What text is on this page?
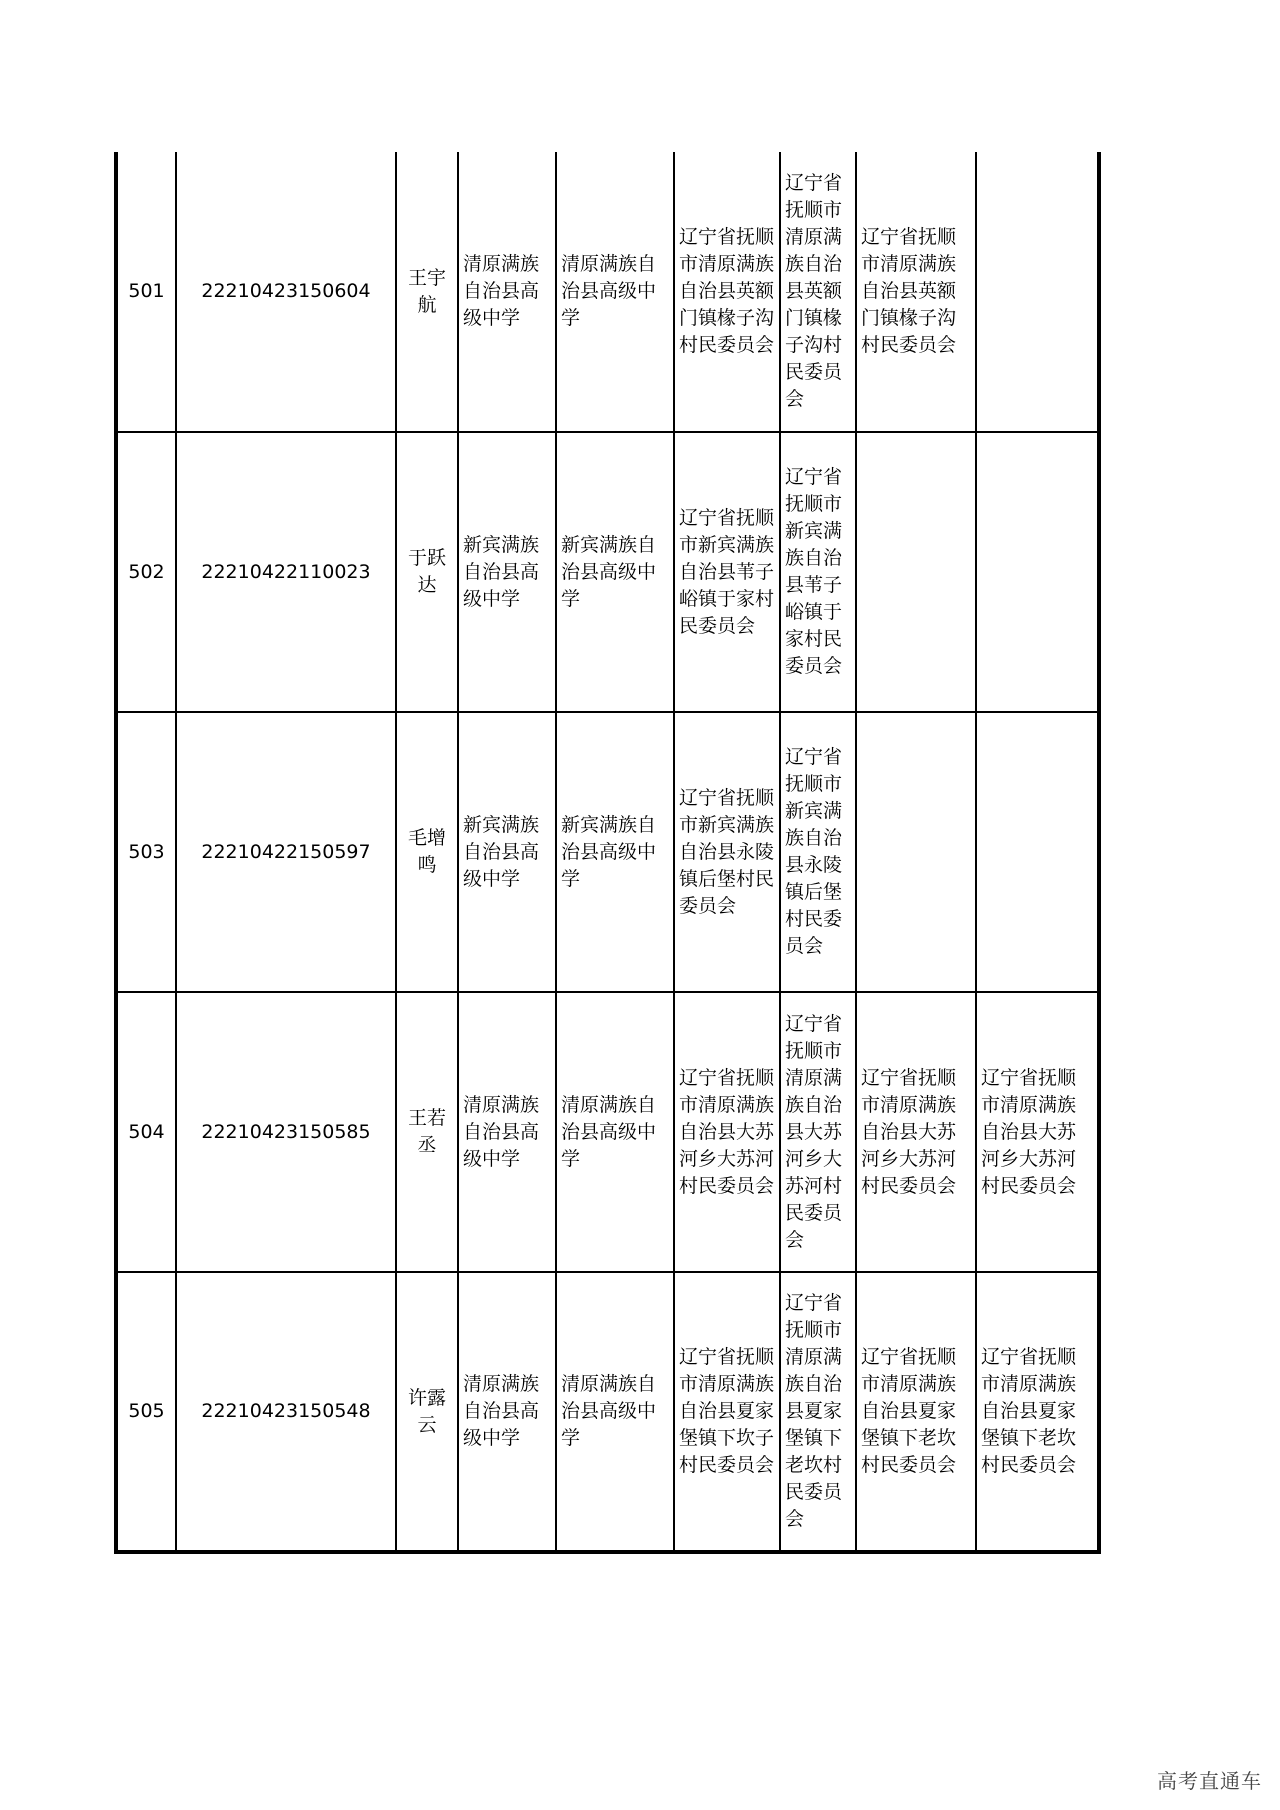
501	22210423150604	王宇航	清原满族自治县高级中学	清原满族自治县高级中学	辽宁省抚顺市清原满族自治县英额门镇椽子沟村民委员会	辽宁省抚顺市清原满族自治县英额门镇椽子沟村民委员会	辽宁省抚顺市清原满族自治县英额门镇椽子沟村民委员会	
502	22210422110023	于跃达	新宾满族自治县高级中学	新宾满族自治县高级中学	辽宁省抚顺市新宾满族自治县苇子峪镇于家村民委员会	辽宁省抚顺市新宾满族自治县苇子峪镇于家村民委员会		
503	22210422150597	毛增鸣	新宾满族自治县高级中学	新宾满族自治县高级中学	辽宁省抚顺市新宾满族自治县永陵镇后堡村民委员会	辽宁省抚顺市新宾满族自治县永陵镇后堡村民委员会		
504	22210423150585	王若丞	清原满族自治县高级中学	清原满族自治县高级中学	辽宁省抚顺市清原满族自治县大苏河乡大苏河村民委员会	辽宁省抚顺市清原满族自治县大苏河乡大苏河村民委员会	辽宁省抚顺市清原满族自治县大苏河乡大苏河村民委员会	辽宁省抚顺市清原满族自治县大苏河乡大苏河村民委员会
505	22210423150548	许露云	清原满族自治县高级中学	清原满族自治县高级中学	辽宁省抚顺市清原满族自治县夏家堡镇下坎子村民委员会	辽宁省抚顺市清原满族自治县夏家堡镇下老坎村民委员会	辽宁省抚顺市清原满族自治县夏家堡镇下老坎村民委员会	辽宁省抚顺市清原满族自治县夏家堡镇下老坎村民委员会
高考直通车
